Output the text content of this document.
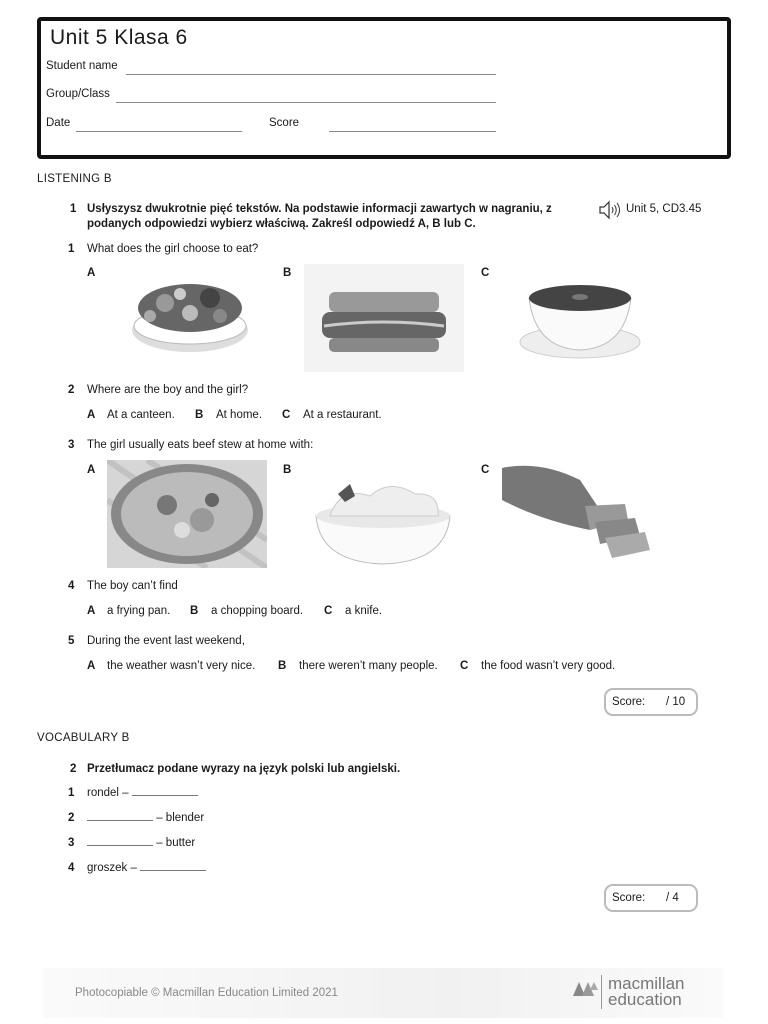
Unit 5 Klasa 6
Student name
Group/Class
Date	Score
LISTENING B
1 Usłyszysz dwukrotnie pięć tekstów. Na podstawie informacji zawartych w nagraniu, z
podanych odpowiedzi wybierz właściwą. Zakreśl odpowiedź A, B lub C.
Unit 5, CD3.45
1 What does the girl choose to eat?
A	B	C
2 Where are the boy and the girl?
A At a canteen. B At home. C At a restaurant.
3 The girl usually eats beef stew at home with:
A	B	C
4 The boy can’t find
A a frying pan. B a chopping board. C a knife.
5 During the event last weekend,
A the weather wasn’t very nice. B there weren’t many people. C the food wasn’t very good.
Score: / 10
VOCABULARY B
2 Przetłumacz podane wyrazy na język polski lub angielski.
1 rondel –
2	– blender
3	– butter
4 groszek –
Score: / 4
Photocopiable © Macmillan Education Limited 2021	macmillan
education
